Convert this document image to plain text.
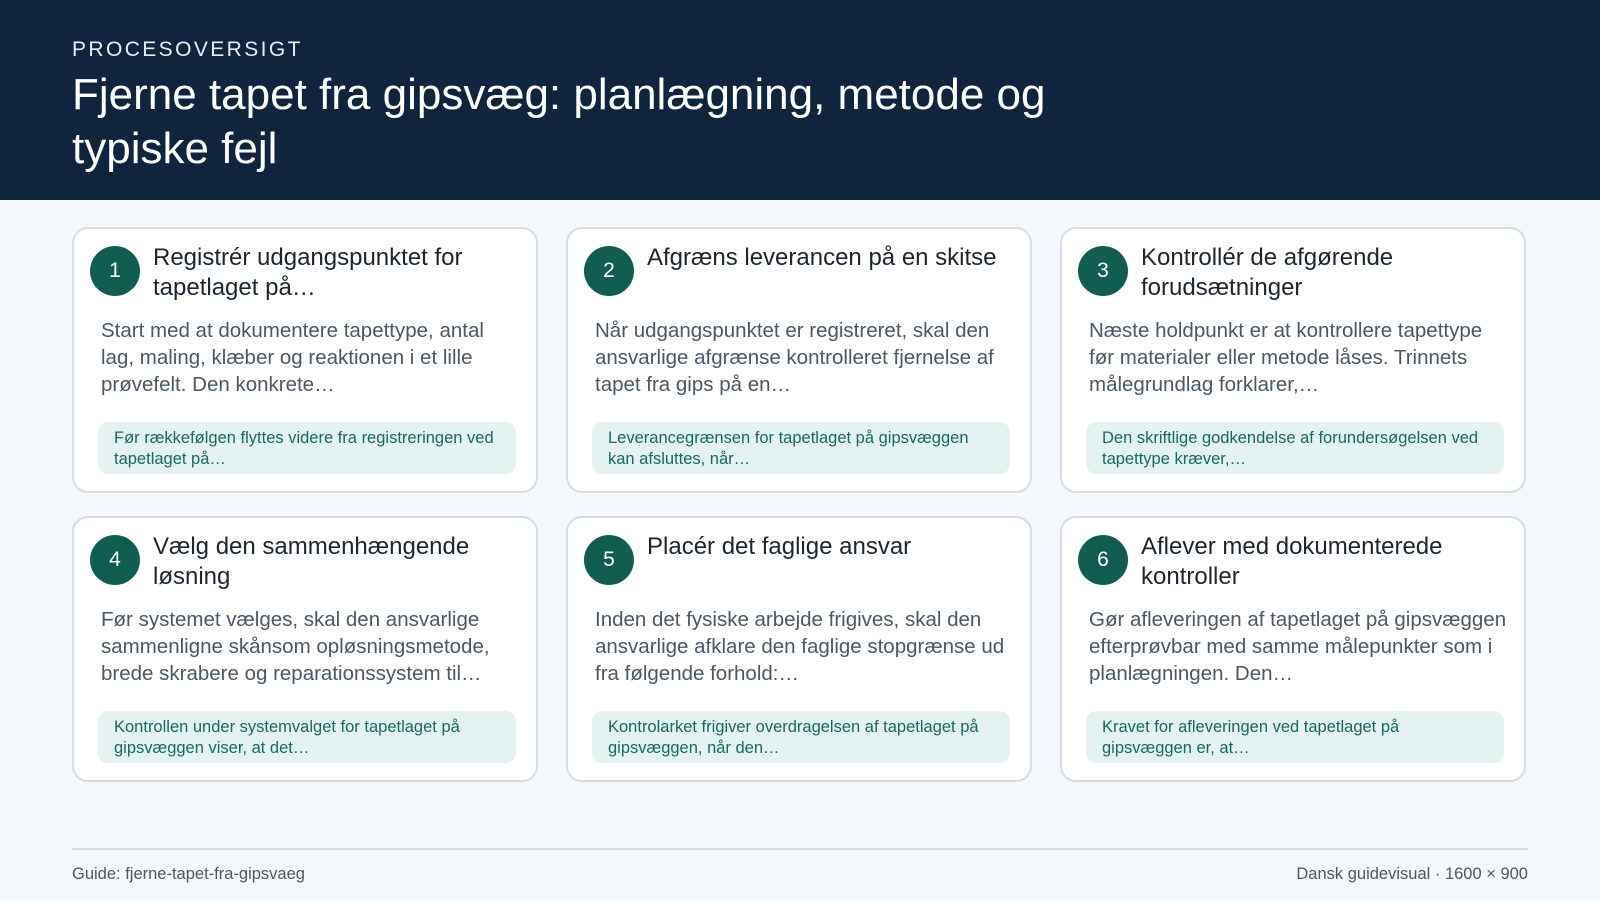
PROCESOVERSIGT
Fjerne tapet fra gipsvæg: planlægning, metode og typiske fejl
1	Registrér udgangspunktet for tapetlaget på…
Start med at dokumentere tapettype, antal lag, maling, klæber og reaktionen i et lille prøvefelt. Den konkrete…
Før rækkefølgen flyttes videre fra registreringen ved tapetlaget på…
2	Afgræns leverancen på en skitse
Når udgangspunktet er registreret, skal den ansvarlige afgrænse kontrolleret fjernelse af tapet fra gips på en…
Leverancegrænsen for tapetlaget på gipsvæggen kan afsluttes, når…
3	Kontrollér de afgørende forudsætninger
Næste holdpunkt er at kontrollere tapettype før materialer eller metode låses. Trinnets målegrundlag forklarer,…
Den skriftlige godkendelse af forundersøgelsen ved tapettype kræver,…
4	Vælg den sammenhængende løsning
Før systemet vælges, skal den ansvarlige sammenligne skånsom opløsningsmetode, brede skrabere og reparationssystem til…
Kontrollen under systemvalget for tapetlaget på gipsvæggen viser, at det…
5	Placér det faglige ansvar
Inden det fysiske arbejde frigives, skal den ansvarlige afklare den faglige stopgrænse ud fra følgende forhold:…
Kontrolarket frigiver overdragelsen af tapetlaget på gipsvæggen, når den…
6	Aflever med dokumenterede kontroller
Gør afleveringen af tapetlaget på gipsvæggen efterprøvbar med samme målepunkter som i planlægningen. Den…
Kravet for afleveringen ved tapetlaget på gipsvæggen er, at…
Guide: fjerne-tapet-fra-gipsvaeg	Dansk guidevisual · 1600 × 900
